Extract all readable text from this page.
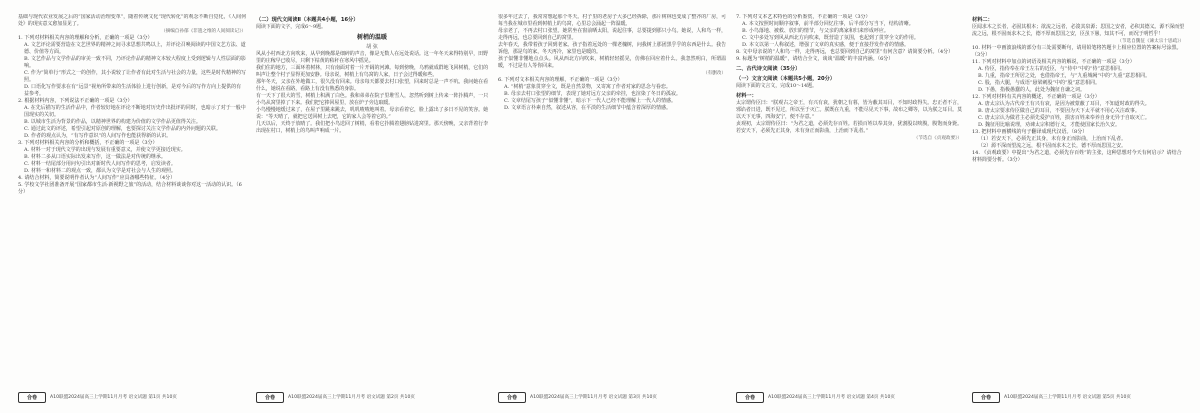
基础与现代农业发展之后的“国家活动治理变革”，随着传统文化“现代转化”的观念不断自觉化，《人间何处》的现实意义愈加显见了。

（摘编自孙郁《非遗之维的人间阅读记》）

1. 下列对材料相关内容的理解和分析，正确的一项是（3分）
A. 文艺评论需要营造在文艺世界的精神之间寻求思想共鸣以上，并评论召唤阅读的中国文艺方法、道德、价值等方面。
B. 文艺作品与文学作品的审美一致不同，乃评论作品的精神文本较大程度上受到逻辑与人性层面的影响。
C. 作为“简单行”形式之一的创作，其小说较了让作者有此对生活与社会的力量，这些是时代精神的写照。
D. 口语化写作要求在有“远景”视角所带来的生活体验上进行创新，是对今后的写作方向上提供的有益参考。
2. 根据材料内容，下列说法不正确的一项是（3分）
A. 在先后描写的生活作品中，作者较好地在评论不断地对历史作出批评的同时，也暗示了对于一般中国现实的关切。
B. 以城市生活为背景的作品，以精神世界的构建为价值的文学作品更值得关注。
C. 通过此文的评述，希望引起对原创的理解，也要探讨关注文学作品的内外问题的关联。
D. 作者的观点认为，“有写作意识”的人间写作也能获得新的认识。
3. 下列对材料相关内容的分析和概括，不正确的一项是（3分）
A. 材料一对于现代文学的出现与发展有重要意义，并使文学更接近现实。
B. 材料二多从口语实际出发来写作，这一做法是对传统的继承。
C. 材料一结尾部分用问句引出对新时代人间写作的思考，启发读者。
D. 材料一和材料二的观点一致，都认为文学是对社会与人生的观照。
4. 请结合材料，简要说明作者认为“人间写作”应具备哪些特征。（4分）
5. 学校文学社团准备开展“国家都市生活·新视野之旅”的活动，结合材料谈谈你对这一活动的认识。（6分）
（二）现代文阅读Ⅱ（本题共4小题，16分）
阅读下面的文字，完成6～9题。
树梢的温暖
胡 弦

风从小村西北方向吹来，从早到晚都是细碎的声音，像是无数人在远处说话。这一年冬天来得特别早，田野里的庄稼早已收尽，只剩下枯黄的秸秆在寒风中摇晃。

我们住的地方，三面环着树林，只有南面对着一片开阔的河滩。每到傍晚，乌鸦就成群地飞回树梢，它们的叫声让整个村子显得更加安静。母亲说，树梢上有鸟窝的人家，日子会过得暖和些。

那年冬天，父亲在外地做工，很久没有回来。母亲每天都要去村口张望，回来时总是一声不吭。我问她在看什么，她说在看路，看路上有没有熟悉的身影。

有一天下了很大的雪，树梢上积满了白色。我和弟弟在院子里堆雪人，忽然听到树上传来一阵扑腾声，一只小鸟从窝里掉了下来。我们把它捧回屋里，放在炉子旁边取暖。

小鸟慢慢地缓过来了，在屋子里跳来跳去，叽叽喳喳地叫着。母亲看着它，脸上露出了多日不见的笑容。她说：“等天晴了，就把它送回树上去吧，它的家人会等着它的。”

几天以后，天终于放晴了。我们把小鸟送回了树梢，看着它扑腾着翅膀钻进窝里。那天傍晚，父亲背着行李出现在村口，树梢上的鸟叫声响成一片。

很多年过去了，我常常想起那个冬天。村子里的老房子大多已经拆除，那片树林也变成了整齐的厂房，可每当我在城市里看到树梢上的鸟窝，心里总会涌起一阵温暖。

母亲老了，不再去村口张望。她常坐在窗前晒太阳，说起往事，总要提到那只小鸟。她说，人和鸟一样，走得再远，也总要回到自己的窝里。

去年春天，我带着孩子回到老家。孩子指着远处的一棵老槐树，问我树上那团黑乎乎的东西是什么。我告诉他，那是鸟的家，冬天再冷，家里也是暖的。

孩子似懂非懂地点点头。风从西北方向吹来，树梢轻轻摇晃，仿佛在回应着什么。我忽然明白，所谓温暖，不过是有人等你回来。

（有删改）

6. 下列对文本相关内容的理解，不正确的一项是（3分）
A. “树梢”意象贯穿全文，既是自然景物，又寄寓了作者对家的思念与眷恋。
B. 母亲去村口张望的细节，表现了她对远方父亲的牵挂，也渲染了冬日的孤寂。
C. 文章结尾写孩子“似懂非懂”，暗示下一代人已经不能理解上一代人的情感。
D. 文章语言朴素自然，叙述从容，在平淡的生活细节中蕴含着深厚的情感。
7. 下列对文本艺术特色的分析鉴赏，不正确的一项是（3分）
A. 本文按照时间顺序叙事，前半部分回忆往事，后半部分写当下，结构清晰。
B. 小鸟落地、被救、放归的情节，与父亲的离家和归来形成呼应。
C. 文中多处写到风从西北方向吹来，既营造了氛围，也起到了贯穿全文的作用。
D. 本文以第一人称叙述，增强了文章的真实感，便于直接抒发作者的情感。
8. 文中母亲说的“人和鸟一样，走得再远，也总要回到自己的窝里”有何含意？请简要分析。（4分）
9. 标题为“树梢的温暖”，请结合全文，谈谈“温暖”的丰富内涵。（6分）
二、古代诗文阅读（35分）
（一）文言文阅读（本题共5小题，20分）
阅读下面的文言文，完成10～14题。
材料一：

太宗谓侍臣曰：“朕观古之帝王，有兴有衰，犹朝之有暮，皆为蔽其耳目，不知时政得失。忠正者不言，邪谄者日进，既不见过，所以至于灭亡。朕既在九重，不能尽见天下事，故布之卿等，以为朕之耳目。莫以天下无事，四海安宁，便不存意。”

贞观初，太宗谓侍臣曰：“为君之道，必须先存百姓。若损百姓以奉其身，犹割股以啖腹，腹饱而身毙。若安天下，必须先正其身，未有身正而影曲，上治而下乱者。”

（节选自《贞观政要》）

材料二：

臣闻求木之长者，必固其根本；欲流之远者，必浚其泉源；思国之安者，必积其德义。源不深而望流之远，根不固而求木之长，德不厚而思国之安，臣虽下愚，知其不可，而况于明哲乎！

（节选自魏征《谏太宗十思疏》）

10. 材料一中画波浪线的部分有三处需要断句，请用铅笔将答题卡上相应位置的答案标号涂黑。（3分）
11. 下列对材料中加点的词语及相关内容的解说，不正确的一项是（3分）
A. 侍臣，指侍奉在帝王左右的近臣，与“侍中”中的“侍”意思相同。
B. 九重，指帝王所居之处，也借指帝王，与“九重城阙”中的“九重”意思相同。
C. 股，指大腿，与成语“悬梁刺股”中的“股”意思相同。
D. 下愚，指极愚蠢的人，此处为魏征自谦之词。
12. 下列对材料有关内容的概述，不正确的一项是（3分）
A. 唐太宗认为古代帝王有兴有衰，是因为被蒙蔽了耳目，不知道时政的得失。
B. 唐太宗要求侍臣做自己的耳目，不要因为天下太平就不用心关注政事。
C. 唐太宗认为做君主必须先爱护百姓，损害百姓来奉养自身无异于自取灭亡。
D. 魏征用比喻说理，劝谏太宗积德行义，才能使国家长治久安。
13. 把材料中画横线的句子翻译成现代汉语。（8分）
（1）若安天下，必须先正其身，未有身正而影曲，上治而下乱者。
（2）源不深而望流之远，根不固而求木之长，德不厚而思国之安。
14. 《贞观政要》中提出“为君之道，必须先存百姓”的主张，这种思想对今天有何启示？请结合材料简要分析。（3分）
合卷	A10联盟2024届高三上学期11月月考 语文试题 第1页 共10页	合卷	A10联盟2024届高三上学期11月月考 语文试题 第2页 共10页	合卷	A10联盟2024届高三上学期11月月考 语文试题 第3页 共10页	合卷	A10联盟2024届高三上学期11月月考 语文试题 第4页 共10页	合卷	A10联盟2024届高三上学期11月月考 语文试题 第5页 共10页
